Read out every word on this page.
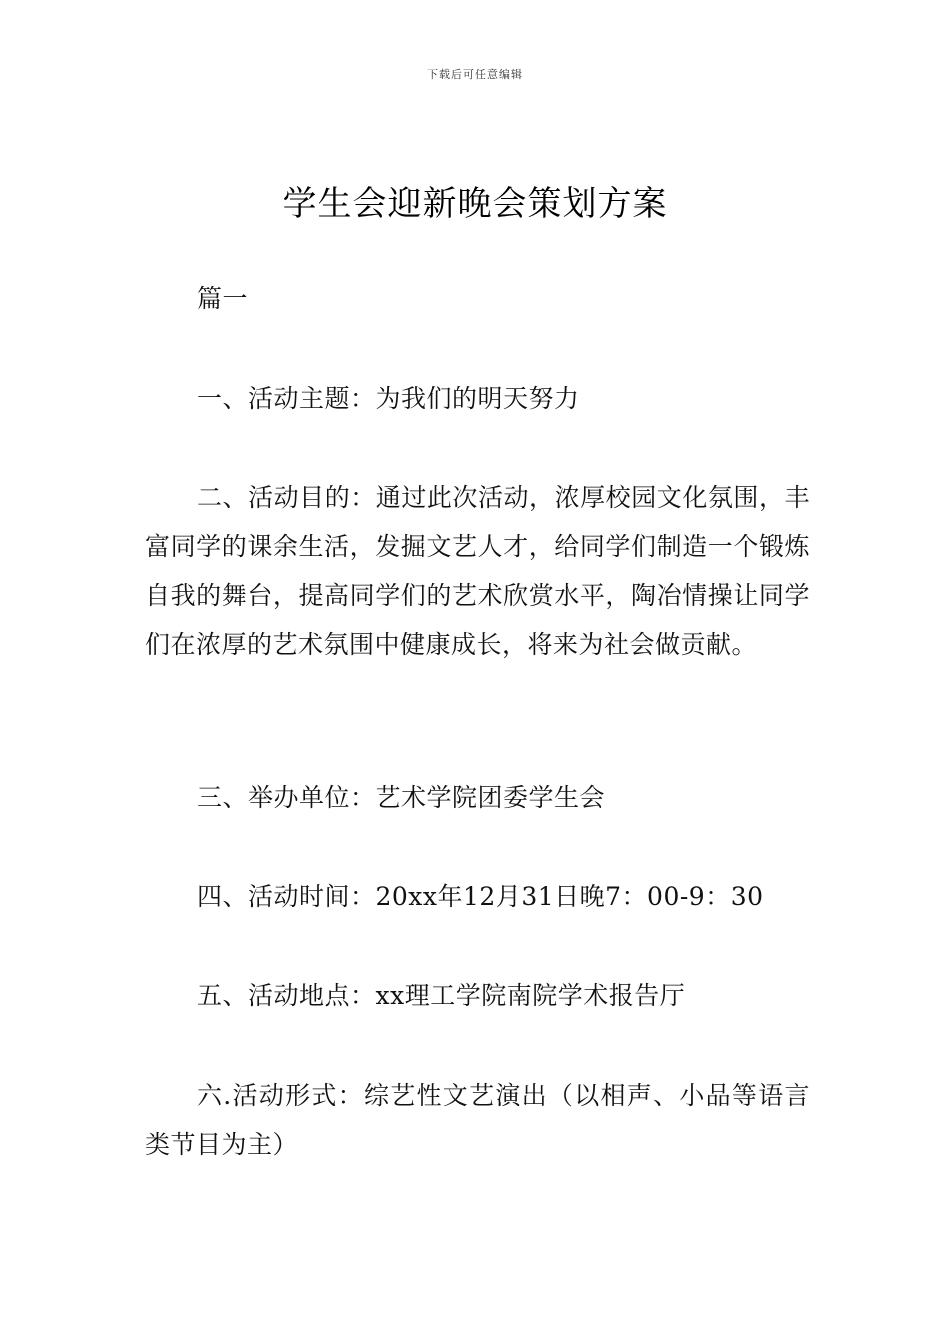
下载后可任意编辑
学生会迎新晚会策划方案

篇一

一、活动主题：为我们的明天努力

二、活动目的：通过此次活动，浓厚校园文化氛围，丰富同学的课余生活，发掘文艺人才，给同学们制造一个锻炼自我的舞台，提高同学们的艺术欣赏水平，陶冶情操让同学们在浓厚的艺术氛围中健康成长，将来为社会做贡献。

三、举办单位：艺术学院团委学生会

四、活动时间：20xx年12月31日晚7：00-9：30

五、活动地点：xx理工学院南院学术报告厅

六.活动形式：综艺性文艺演出（以相声、小品等语言类节目为主）
